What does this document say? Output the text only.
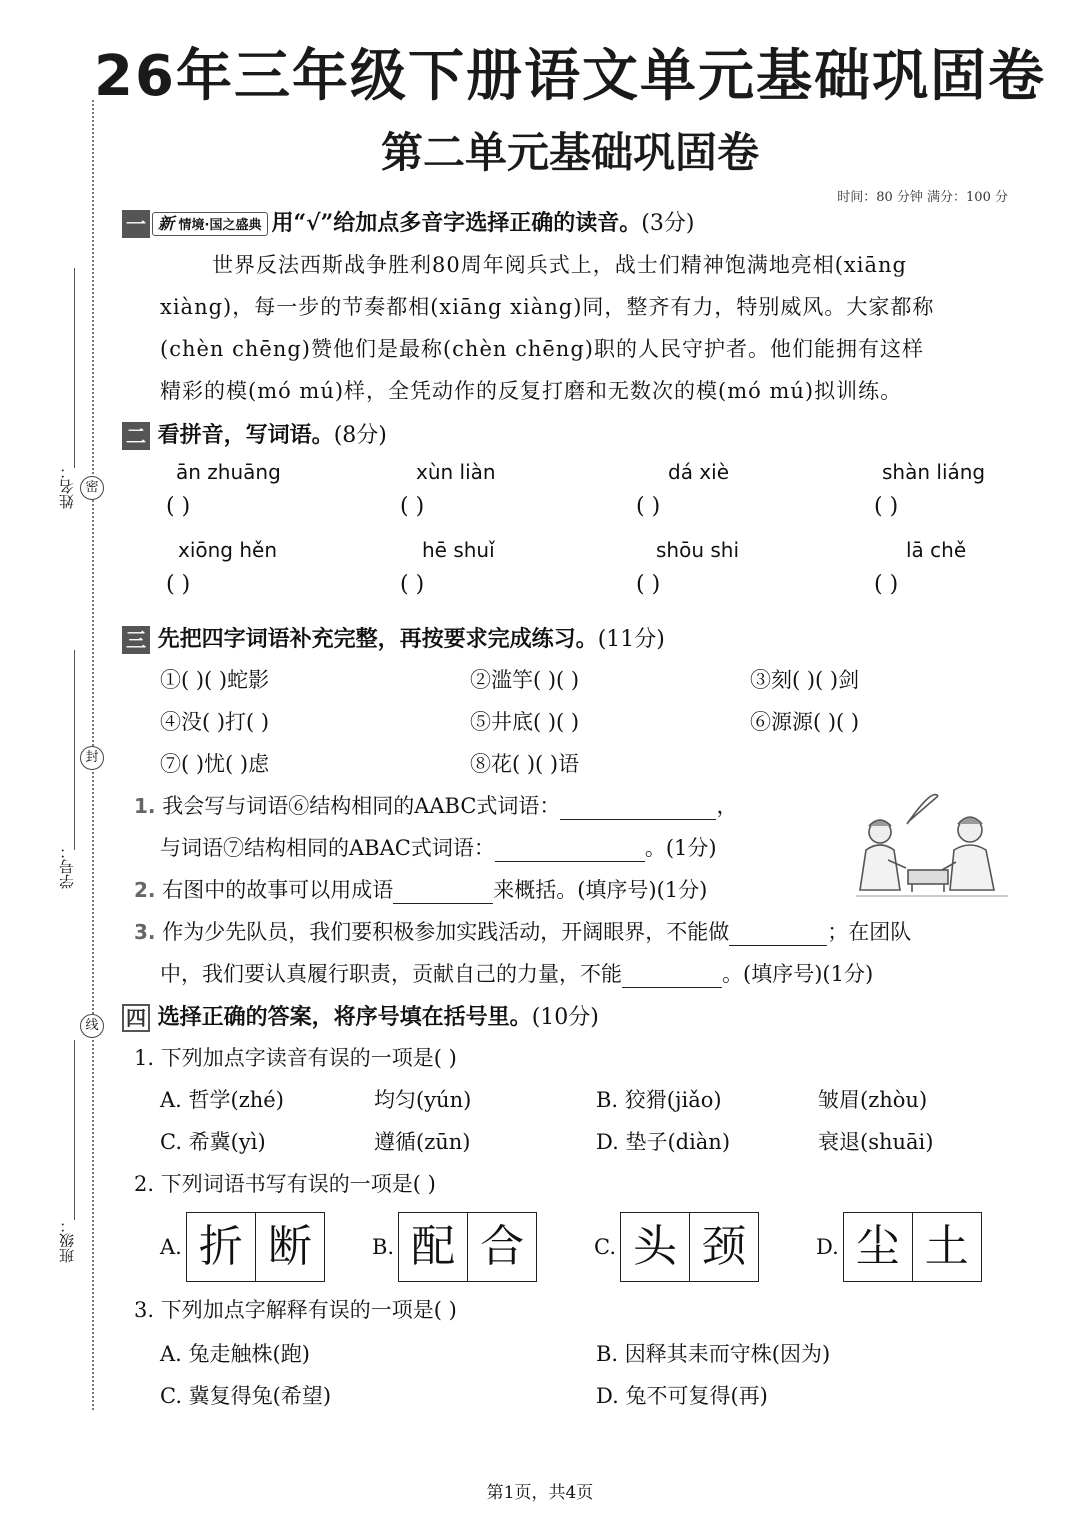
26年三年级下册语文单元基础巩固卷
第二单元基础巩固卷
时间：80 分钟 满分：100 分
姓名：
学号：
班级：
密
封
线
一 新 情境·国之盛典 用“√”给加点多音字选择正确的读音。(3分)
世界反法西斯战争胜利80周年阅兵式上，战士们精神饱满地亮相(xiāng
xiàng)，每一步的节奏都相(xiāng xiàng)同，整齐有力，特别威风。大家都称
(chèn chēng)赞他们是最称(chèn chēng)职的人民守护者。他们能拥有这样
精彩的模(mó mú)样，全凭动作的反复打磨和无数次的模(mó mú)拟训练。
二 看拼音，写词语。(8分)
ān zhuāng	xùn liàn	dá xiè	shàn liáng
( )	( )	( )	( )
xiōng hěn	hē shuǐ	shōu shi	lā chě
( )	( )	( )	( )
三 先把四字词语补充完整，再按要求完成练习。(11分)
①( )( )蛇影	②滥竽( )( )	③刻( )( )剑
④没( )打( )	⑤井底( )( )	⑥源源( )( )
⑦( )忧( )虑	⑧花( )( )语
1. 我会写与词语⑥结构相同的AABC式词语：	，
与词语⑦结构相同的ABAC式词语：	。(1分)
2. 右图中的故事可以用成语	来概括。(填序号)(1分)
3. 作为少先队员，我们要积极参加实践活动，开阔眼界，不能做	；在团队
中，我们要认真履行职责，贡献自己的力量，不能	。(填序号)(1分)
四 选择正确的答案，将序号填在括号里。(10分)
1. 下列加点字读音有误的一项是( )
A. 哲学(zhé)	均匀(yún)	B. 狡猾(jiǎo)	皱眉(zhòu)
C. 希冀(yì)	遵循(zūn)	D. 垫子(diàn)	衰退(shuāi)
2. 下列词语书写有误的一项是( )
A. 折 断	B. 配 合	C. 头 颈	D. 尘 土
3. 下列加点字解释有误的一项是( )
A. 兔走触株(跑)	B. 因释其耒而守株(因为)
C. 冀复得兔(希望)	D. 兔不可复得(再)
第1页，共4页
